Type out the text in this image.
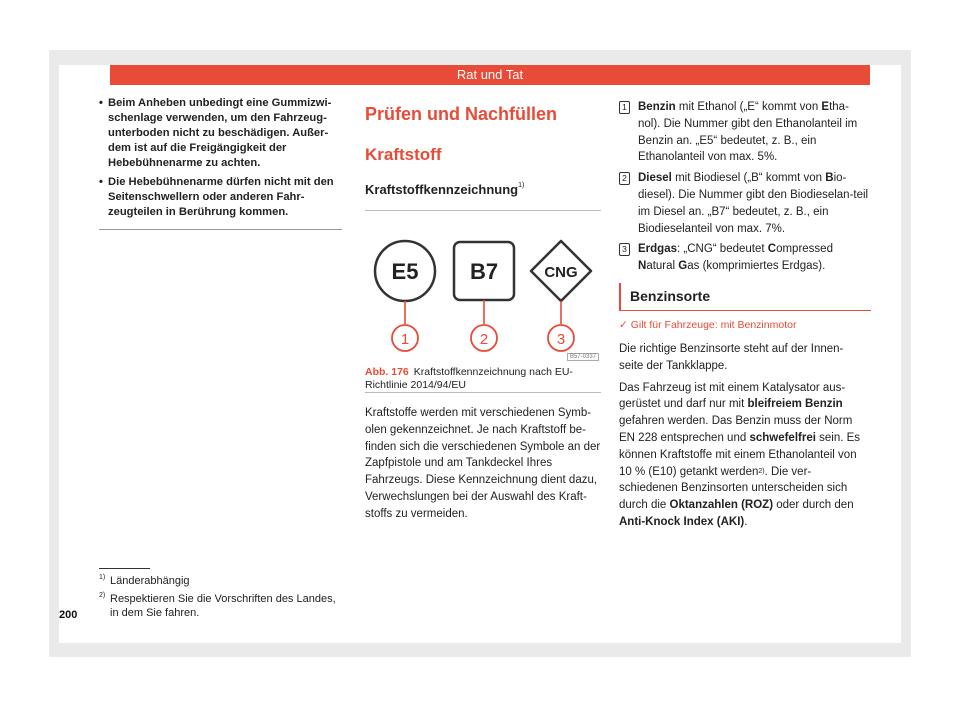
Rat und Tat
• Beim Anheben unbedingt eine Gummizwi-schenlage verwenden, um den Fahrzeug-unterboden nicht zu beschädigen. Außer-dem ist auf die Freigängigkeit der Hebebühnenarme zu achten.
• Die Hebebühnenarme dürfen nicht mit den Seitenschwellern oder anderen Fahr-zeugteilen in Berührung kommen.

1) Länderabhängig

2) Respektieren Sie die Vorschriften des Landes, in dem Sie fahren.

200
Prüfen und Nachfüllen
Kraftstoff
Kraftstoffkennzeichnung$^{1)}$
E5 B7	CNG
1	2	3
B57-0337
Abb. 176 Kraftstoffkennzeichnung nach EU-Richtlinie 2014/94/EU
Kraftstoffe werden mit verschiedenen Symb-olen gekennzeichnet. Je nach Kraftstoff be-finden sich die verschiedenen Symbole an der Zapfpistole und am Tankdeckel Ihres Fahrzeugs. Diese Kennzeichnung dient dazu, Verwechslungen bei der Auswahl des Kraft-stoffs zu vermeiden.
1 Benzin mit Ethanol („E“ kommt von Etha-nol). Die Nummer gibt den Ethanolanteil im Benzin an. „E5“ bedeutet, z. B., ein Ethanolanteil von max. 5%.
2 Diesel mit Biodiesel („B“ kommt von Bio-diesel). Die Nummer gibt den Biodieselan-teil im Diesel an. „B7“ bedeutet, z. B., ein Biodieselanteil von max. 7%.
3 Erdgas: „CNG“ bedeutet Compressed Natural Gas (komprimiertes Erdgas).
Benzinsorte
✓ Gilt für Fahrzeuge: mit Benzinmotor

Die richtige Benzinsorte steht auf der Innen-seite der Tankklappe.

Das Fahrzeug ist mit einem Katalysator aus-gerüstet und darf nur mit bleifreiem Benzin gefahren werden. Das Benzin muss der Norm EN 228 entsprechen und schwefelfrei sein. Es können Kraftstoffe mit einem Ethanolanteil von 10 % (E10) getankt werden$^{2)}$. Die ver-schiedenen Benzinsorten unterscheiden sich durch die Oktanzahlen (ROZ) oder durch den Anti-Knock Index (AKI).
